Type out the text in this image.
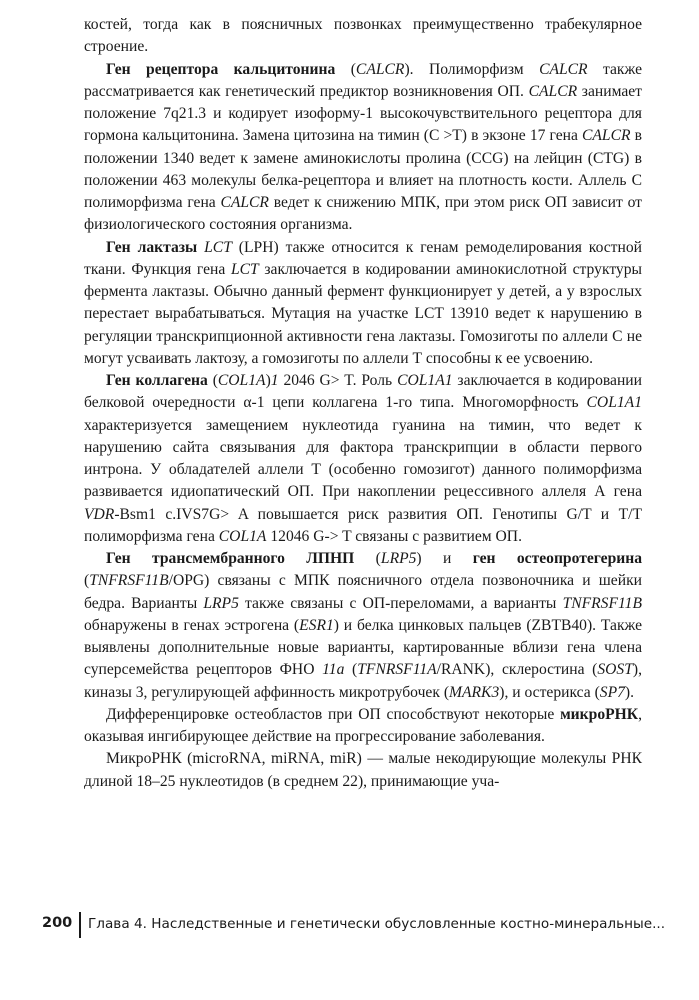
костей, тогда как в поясничных позвонках преимущественно трабекулярное строение.

Ген рецептора кальцитонина (CALCR). Полиморфизм CALCR также рассматривается как генетический предиктор возникновения ОП. CALCR занимает положение 7q21.3 и кодирует изоформу-1 высокочувствительного рецептора для гормона кальцитонина. Замена цитозина на тимин (C >T) в экзоне 17 гена CALCR в положении 1340 ведет к замене аминокислоты пролина (CCG) на лейцин (CTG) в положении 463 молекулы белка-рецептора и влияет на плотность кости. Аллель С полиморфизма гена CALCR ведет к снижению МПК, при этом риск ОП зависит от физиологического состояния организма.

Ген лактазы LCT (LPH) также относится к генам ремоделирования костной ткани. Функция гена LCT заключается в кодировании аминокислотной структуры фермента лактазы. Обычно данный фермент функционирует у детей, а у взрослых перестает вырабатываться. Мутация на участке LCT 13910 ведет к нарушению в регуляции транскрипционной активности гена лактазы. Гомозиготы по аллели С не могут усваивать лактозу, а гомозиготы по аллели Т способны к ее усвоению.

Ген коллагена (COL1A)1 2046 G> T. Роль COL1A1 заключается в кодировании белковой очередности α-1 цепи коллагена 1-го типа. Многоморфность COL1A1 характеризуется замещением нуклеотида гуанина на тимин, что ведет к нарушению сайта связывания для фактора транскрипции в области первого интрона. У обладателей аллели Т (особенно гомозигот) данного полиморфизма развивается идиопатический ОП. При накоплении рецессивного аллеля А гена VDR-Bsm1 c.IVS7G> A повышается риск развития ОП. Генотипы G/T и T/T полиморфизма гена COL1A 12046 G-> T связаны с развитием ОП.

Ген трансмембранного ЛПНП (LRP5) и ген остеопротегерина (TNFRSF11B/OPG) связаны с МПК поясничного отдела позвоночника и шейки бедра. Варианты LRP5 также связаны с ОП-переломами, а варианты TNFRSF11B обнаружены в генах эстрогена (ESR1) и белка цинковых пальцев (ZBTB40). Также выявлены дополнительные новые варианты, картированные вблизи гена члена суперсемейства рецепторов ФНО 11a (TFNRSF11A/RANK), склеростина (SOST), киназы 3, регулирующей аффинность микротрубочек (MARK3), и остерикса (SP7).

Дифференцировке остеобластов при ОП способствуют некоторые микроРНК, оказывая ингибирующее действие на прогрессирование заболевания.

МикроРНК (microRNA, miRNA, miR) — малые некодирующие молекулы РНК длиной 18–25 нуклеотидов (в среднем 22), принимающие уча-

200 Глава 4. Наследственные и генетически обусловленные костно-минеральные...
